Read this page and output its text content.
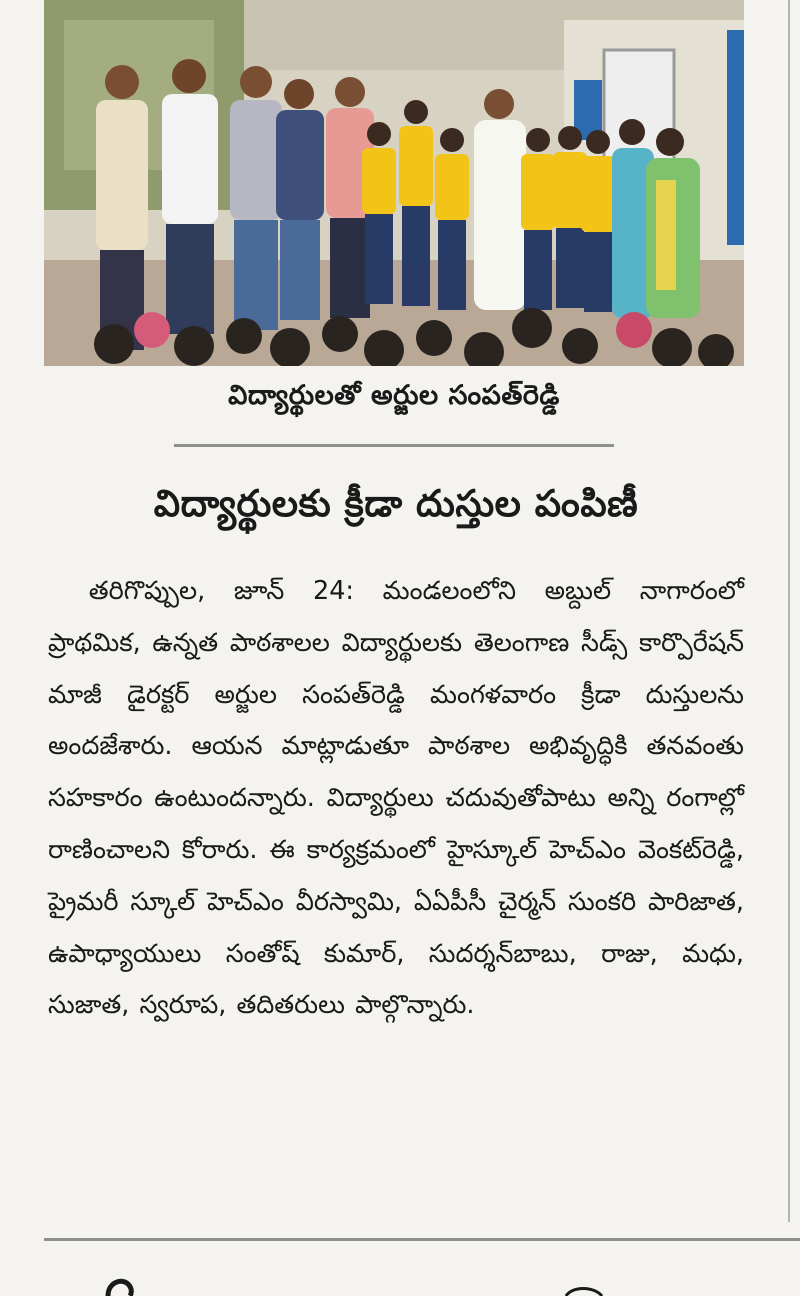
విద్యార్థులతో అర్జుల సంపత్‌రెడ్డి
విద్యార్థులకు క్రీడా దుస్తుల పంపిణీ
తరిగొప్పుల, జూన్ 24: మండలంలోని అబ్దుల్ నాగారంలో ప్రాథమిక, ఉన్నత పాఠశాలల విద్యార్థులకు తెలంగాణ సీడ్స్ కార్పొరేషన్ మాజీ డైరక్టర్ అర్జుల సంపత్‌రెడ్డి మంగళవారం క్రీడా దుస్తులను అందజేశారు. ఆయన మాట్లాడుతూ పాఠశాల అభివృద్ధికి తనవంతు సహకారం ఉంటుందన్నారు. విద్యార్థులు చదువుతోపాటు అన్ని రంగాల్లో రాణించాలని కోరారు. ఈ కార్యక్రమంలో హైస్కూల్ హెచ్ఎం వెంకట్‌రెడ్డి, ప్రైమరీ స్కూల్ హెచ్ఎం వీరస్వామి, ఏఏపీసీ చైర్మన్ సుంకరి పారిజాత, ఉపాధ్యాయులు సంతోష్ కుమార్, సుదర్శన్‌బాబు, రాజు, మధు, సుజాత, స్వరూప, తదితరులు పాల్గొన్నారు.
